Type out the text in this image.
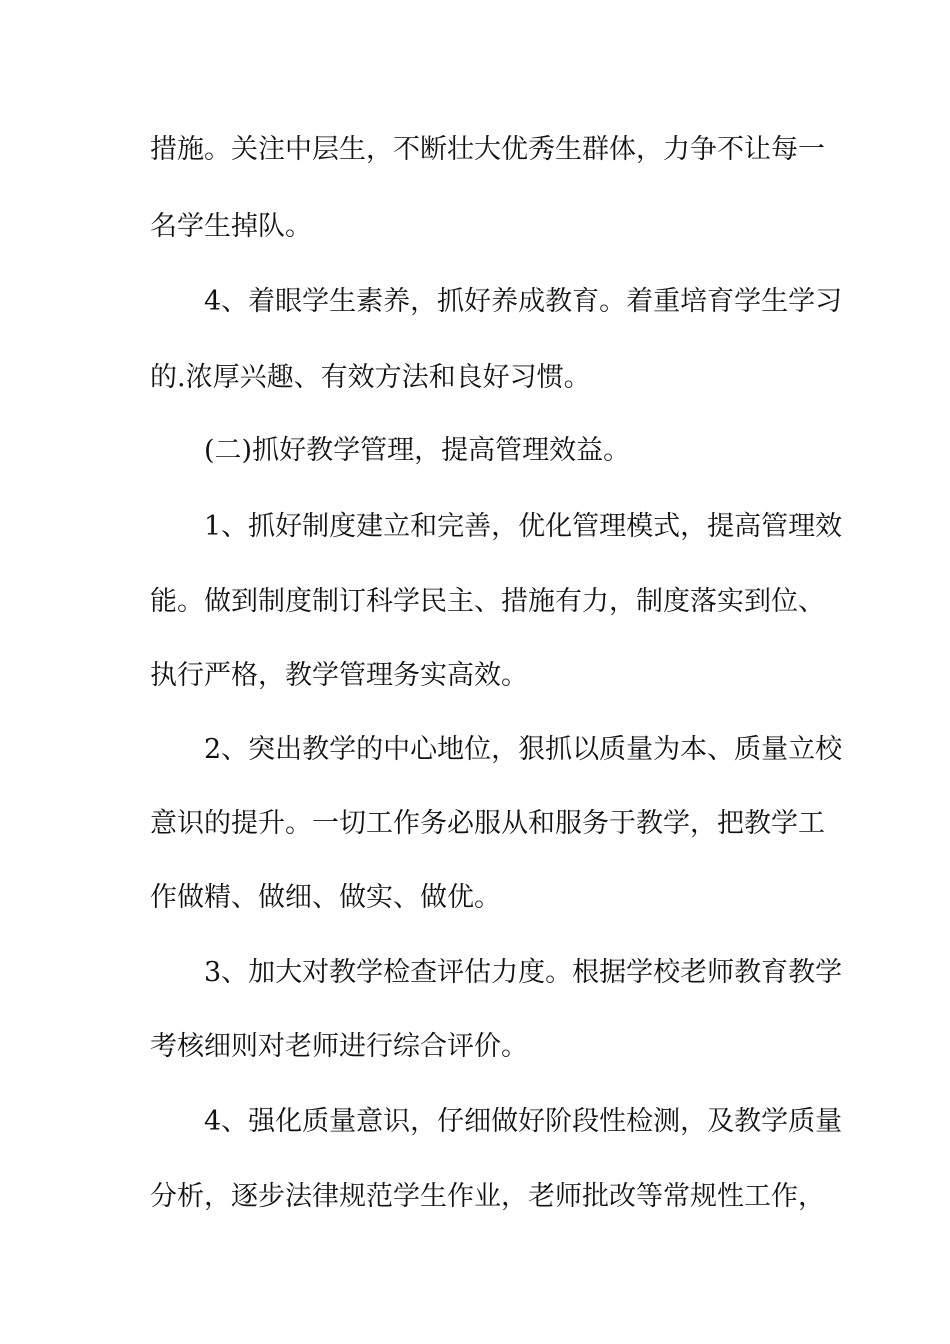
措施。关注中层生，不断壮大优秀生群体，力争不让每一
名学生掉队。
4、着眼学生素养，抓好养成教育。着重培育学生学习
的.浓厚兴趣、有效方法和良好习惯。
(二)抓好教学管理，提高管理效益。
1、抓好制度建立和完善，优化管理模式，提高管理效
能。做到制度制订科学民主、措施有力，制度落实到位、
执行严格，教学管理务实高效。
2、突出教学的中心地位，狠抓以质量为本、质量立校
意识的提升。一切工作务必服从和服务于教学，把教学工
作做精、做细、做实、做优。
3、加大对教学检查评估力度。根据学校老师教育教学
考核细则对老师进行综合评价。
4、强化质量意识，仔细做好阶段性检测，及教学质量
分析，逐步法律规范学生作业，老师批改等常规性工作，
